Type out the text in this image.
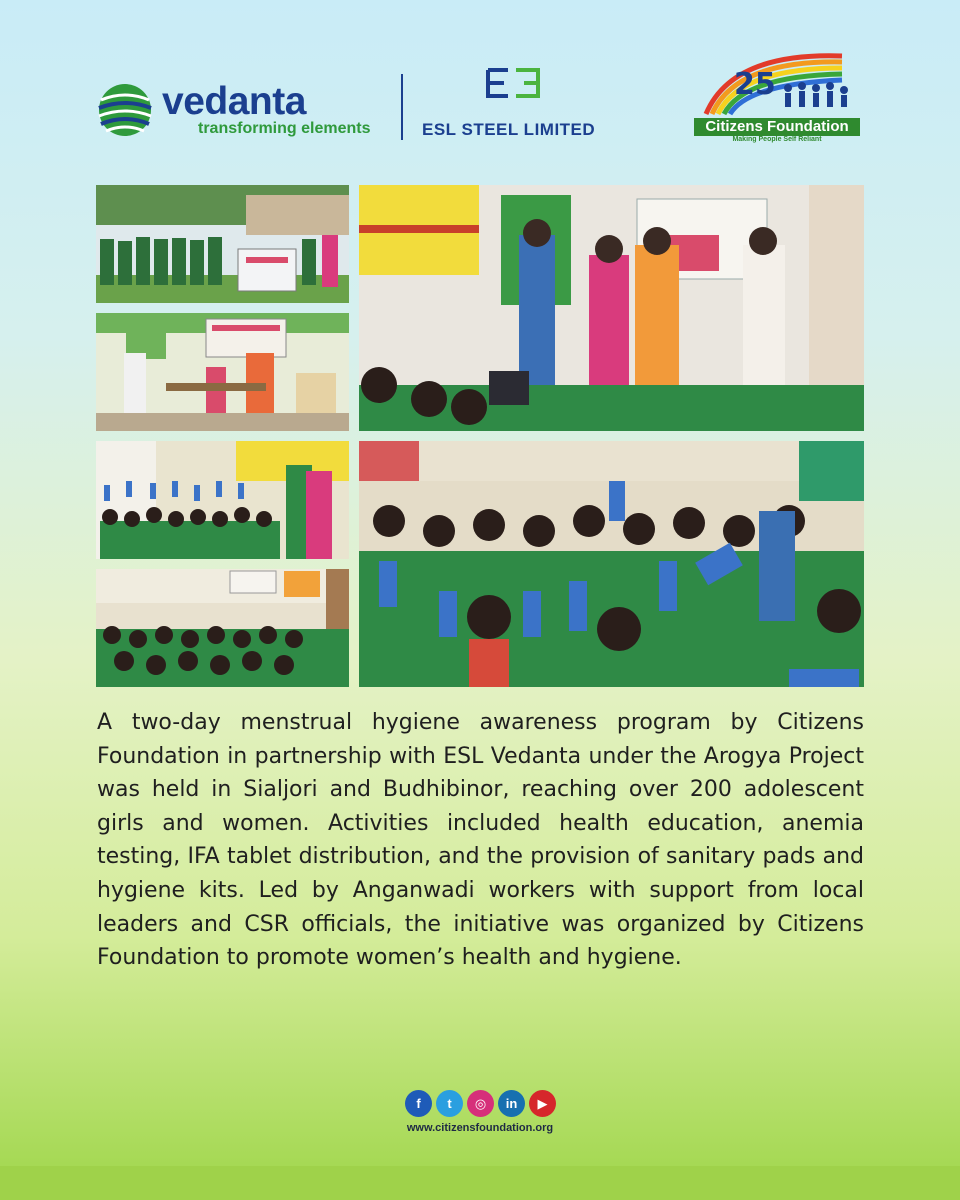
vedanta
transforming elements	ESL STEEL LIMITED
25
Citizens Foundation
Making People Self Reliant

A two-day menstrual hygiene awareness program by Citizens Foundation in partnership with ESL Vedanta under the Arogya Project was held in Sialjori and Budhibinor, reaching over 200 adolescent girls and women. Activities included health education, anemia testing, IFA tablet distribution, and the provision of sanitary pads and hygiene kits. Led by Anganwadi workers with support from local leaders and CSR officials, the initiative was organized by Citizens Foundation to promote women’s health and hygiene.

f	t	◎	in	▶
www.citizensfoundation.org
